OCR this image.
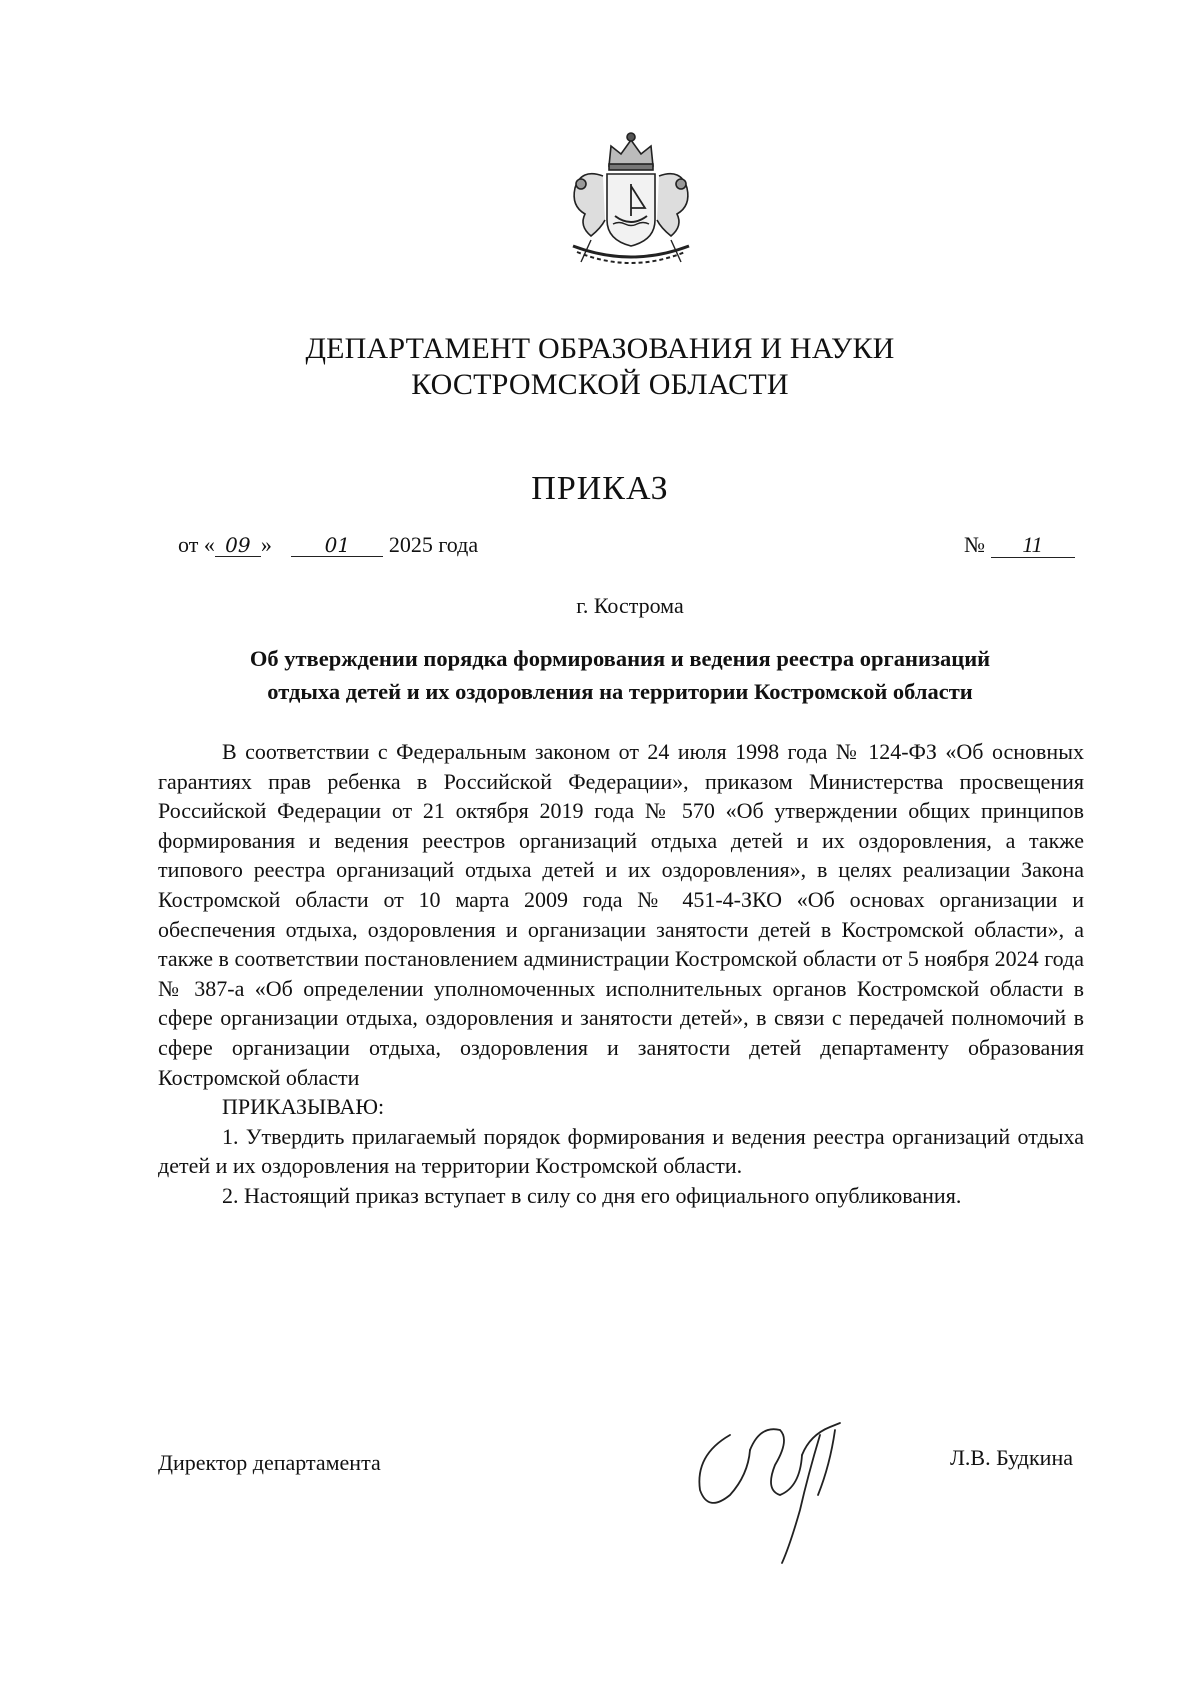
ДЕПАРТАМЕНТ ОБРАЗОВАНИЯ И НАУКИ
КОСТРОМСКОЙ ОБЛАСТИ
ПРИКАЗ
от « 09 »	01 2025 года	№ 11
г. Кострома
Об утверждении порядка формирования и ведения реестра организаций
отдыха детей и их оздоровления на территории Костромской области

В соответствии с Федеральным законом от 24 июля 1998 года № 124-ФЗ «Об основных гарантиях прав ребенка в Российской Федерации», приказом Министерства просвещения Российской Федерации от 21 октября 2019 года № 570 «Об утверждении общих принципов формирования и ведения реестров организаций отдыха детей и их оздоровления, а также типового реестра организаций отдыха детей и их оздоровления», в целях реализации Закона Костромской области от 10 марта 2009 года № 451-4-ЗКО «Об основах организации и обеспечения отдыха, оздоровления и организации занятости детей в Костромской области», а также в соответствии постановлением администрации Костромской области от 5 ноября 2024 года № 387-а «Об определении уполномоченных исполнительных органов Костромской области в сфере организации отдыха, оздоровления и занятости детей», в связи с передачей полномочий в сфере организации отдыха, оздоровления и занятости детей департаменту образования Костромской области

ПРИКАЗЫВАЮ:

1. Утвердить прилагаемый порядок формирования и ведения реестра организаций отдыха детей и их оздоровления на территории Костромской области.

2. Настоящий приказ вступает в силу со дня его официального опубликования.

Директор департамента	Л.В. Будкина
